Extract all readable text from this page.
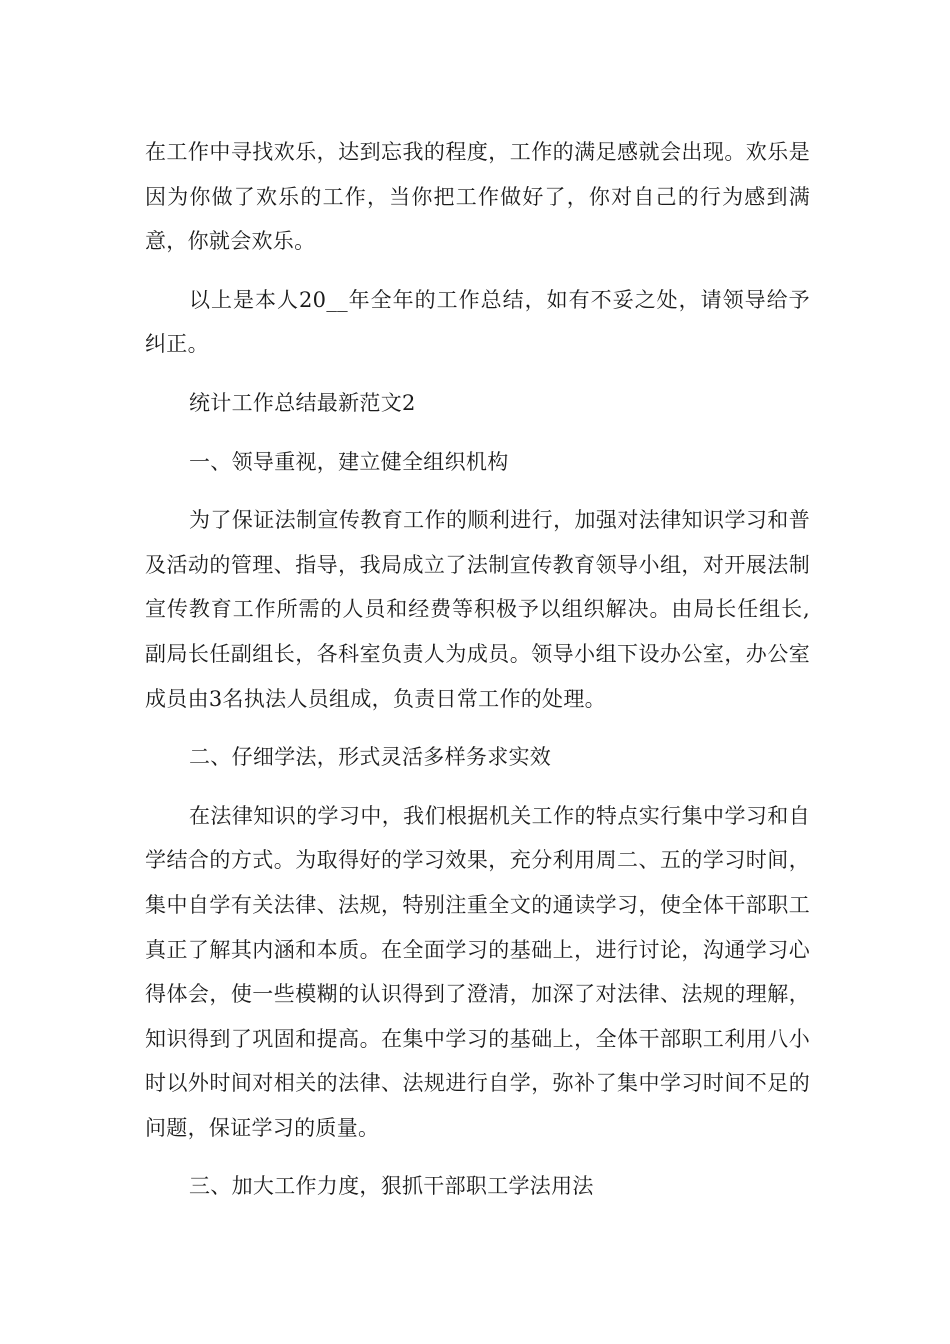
在工作中寻找欢乐，达到忘我的程度，工作的满足感就会出现。欢乐是因为你做了欢乐的工作，当你把工作做好了，你对自己的行为感到满意，你就会欢乐。

以上是本人20__年全年的工作总结，如有不妥之处，请领导给予纠正。

统计工作总结最新范文2

一、领导重视，建立健全组织机构

为了保证法制宣传教育工作的顺利进行，加强对法律知识学习和普及活动的管理、指导，我局成立了法制宣传教育领导小组，对开展法制宣传教育工作所需的人员和经费等积极予以组织解决。由局长任组长,副局长任副组长，各科室负责人为成员。领导小组下设办公室，办公室成员由3名执法人员组成，负责日常工作的处理。

二、仔细学法，形式灵活多样务求实效

在法律知识的学习中，我们根据机关工作的特点实行集中学习和自学结合的方式。为取得好的学习效果，充分利用周二、五的学习时间，集中自学有关法律、法规，特别注重全文的通读学习，使全体干部职工真正了解其内涵和本质。在全面学习的基础上，进行讨论，沟通学习心得体会，使一些模糊的认识得到了澄清，加深了对法律、法规的理解，知识得到了巩固和提高。在集中学习的基础上，全体干部职工利用八小时以外时间对相关的法律、法规进行自学，弥补了集中学习时间不足的问题，保证学习的质量。

三、加大工作力度，狠抓干部职工学法用法
